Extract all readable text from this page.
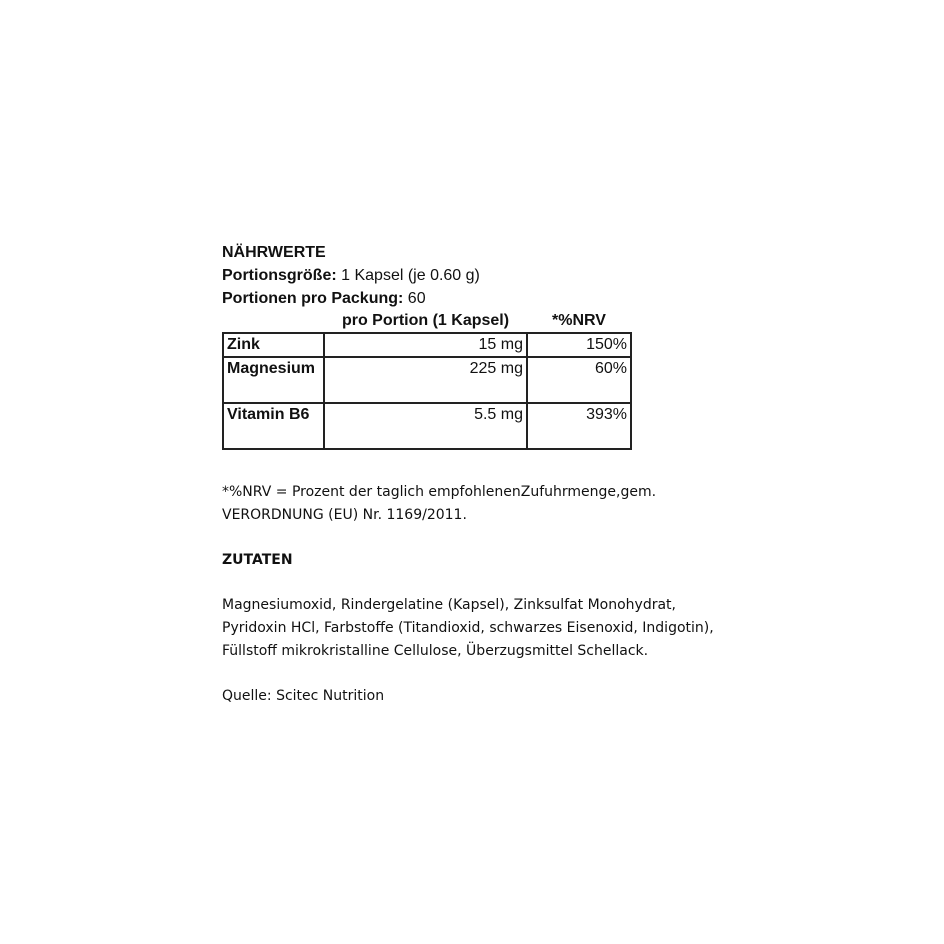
NÄHRWERTE
Portionsgröße: 1 Kapsel (je 0.60 g)
Portionen pro Packung: 60
	pro Portion (1 Kapsel)	*%NRV
Zink	15 mg	150%
Magnesium	225 mg	60%
Vitamin B6	5.5 mg	393%

*%NRV = Prozent der taglich empfohlenenZufuhrmenge,gem.
VERORDNUNG (EU) Nr. 1169/2011.

ZUTATEN

Magnesiumoxid, Rindergelatine (Kapsel), Zinksulfat Monohydrat,
Pyridoxin HCl, Farbstoffe (Titandioxid, schwarzes Eisenoxid, Indigotin),
Füllstoff mikrokristalline Cellulose, Überzugsmittel Schellack.

Quelle: Scitec Nutrition
